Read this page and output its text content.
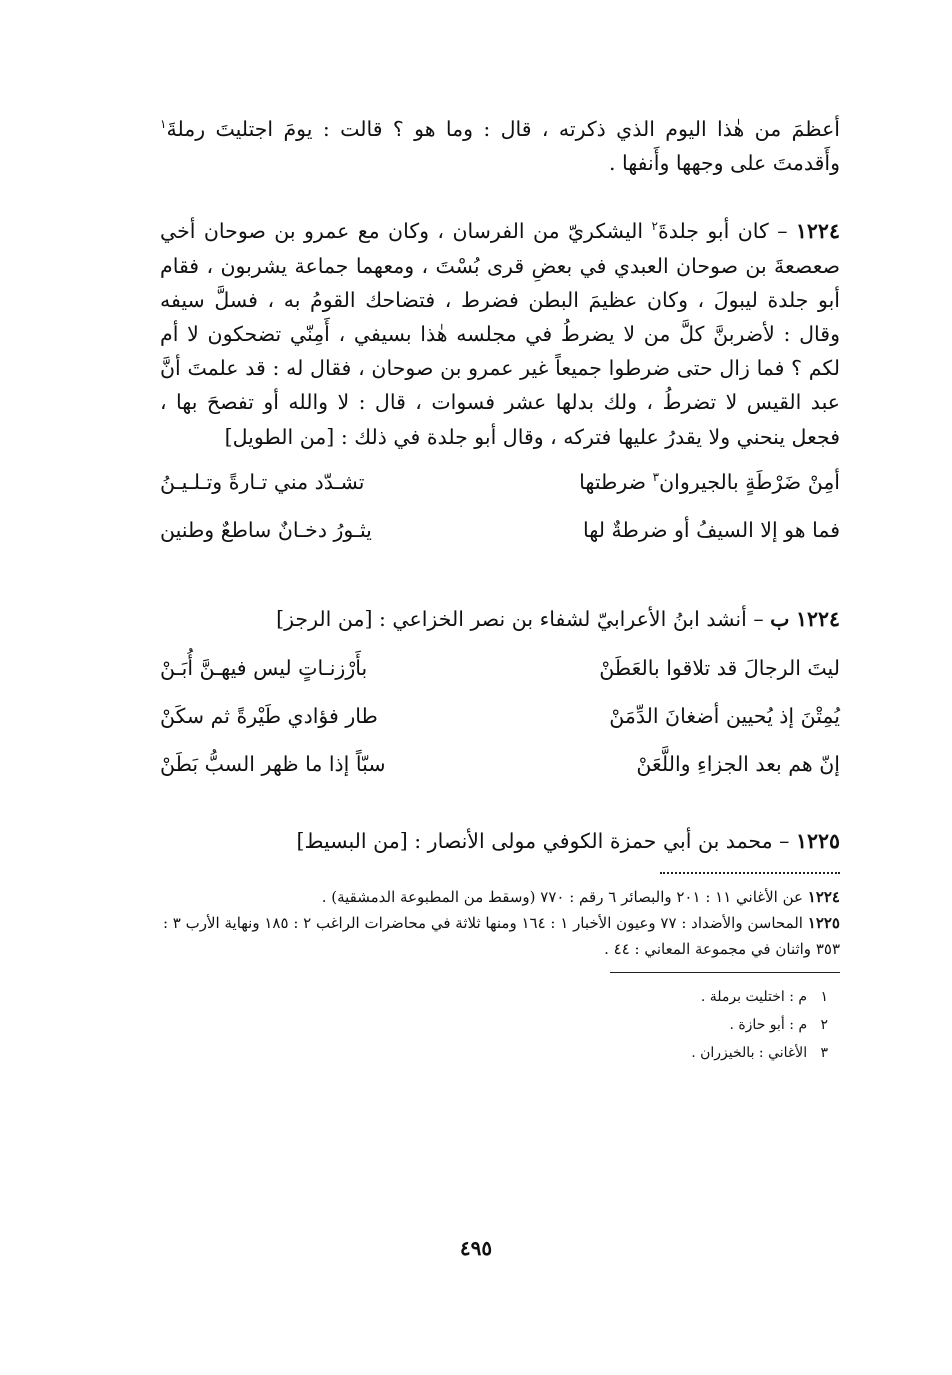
أعظمَ من هٰذا اليوم الذي ذكرته ، قال : وما هو ؟ قالت : يومَ اجتليتَ رملةَ$^١$ وأَقدمتَ على وجهها وأَنفها .

١٢٢٤ – كان أبو جلدةَ$^٢$ اليشكريّ من الفرسان ، وكان مع عمرو بن صوحان أخي صعصعةَ بن صوحان العبدي في بعضِ قرى بُسْتَ ، ومعهما جماعة يشربون ، فقام أبو جلدة ليبولَ ، وكان عظيمَ البطن فضرط ، فتضاحك القومُ به ، فسلَّ سيفه وقال : لأضربنَّ كلَّ من لا يضرطُ في مجلسه هٰذا بسيفي ، أَمِنّي تضحكون لا أم لكم ؟ فما زال حتى ضرطوا جميعاً غير عمرو بن صوحان ، فقال له : قد علمتَ أنَّ عبد القيس لا تضرطُ ، ولك بدلها عشر فسوات ، قال : لا والله أو تفصحَ بها ، فجعل ينحني ولا يقدرُ عليها فتركه ، وقال أبو جلدة في ذلك : [من الطويل]

أمِنْ ضَرْطَةٍ بالجيروان$^٣$ ضرطتها
تشـدّد مني تـارةً وتـلـيـنُ
فما هو إلا السيفُ أو ضرطةٌ لها
يثـورُ دخـانٌ ساطعٌ وطنين

١٢٢٤ ب – أنشد ابنُ الأعرابيّ لشفاء بن نصر الخزاعي : [من الرجز]

ليتَ الرجالَ قد تلاقوا بالعَطَنْ
بأَرْزنـاتٍ ليس فيهـنَّ أُبَـنْ
يُمِتْنَ إذ يُحيين أضغانَ الدِّمَنْ
طار فؤادي طَيْرةً ثم سكَنْ
إنّ هم بعد الجزاءِ واللَّعَنْ
سبّاً إذا ما ظهر السبُّ بَطَنْ

١٢٢٥ – محمد بن أبي حمزة الكوفي مولى الأنصار : [من البسيط]

١٢٢٤ عن الأغاني ١١ : ٢٠١ والبصائر ٦ رقم : ٧٧٠ (وسقط من المطبوعة الدمشقية) .

١٢٢٥ المحاسن والأضداد : ٧٧ وعيون الأخبار ١ : ١٦٤ ومنها ثلاثة في محاضرات الراغب ٢ : ١٨٥ ونهاية الأرب ٣ : ٣٥٣ واثنان في مجموعة المعاني : ٤٤ .

١   م : اختليت برملة .

٢   م : أبو حازة .

٣   الأغاني : بالخيزران .

٤٩٥
